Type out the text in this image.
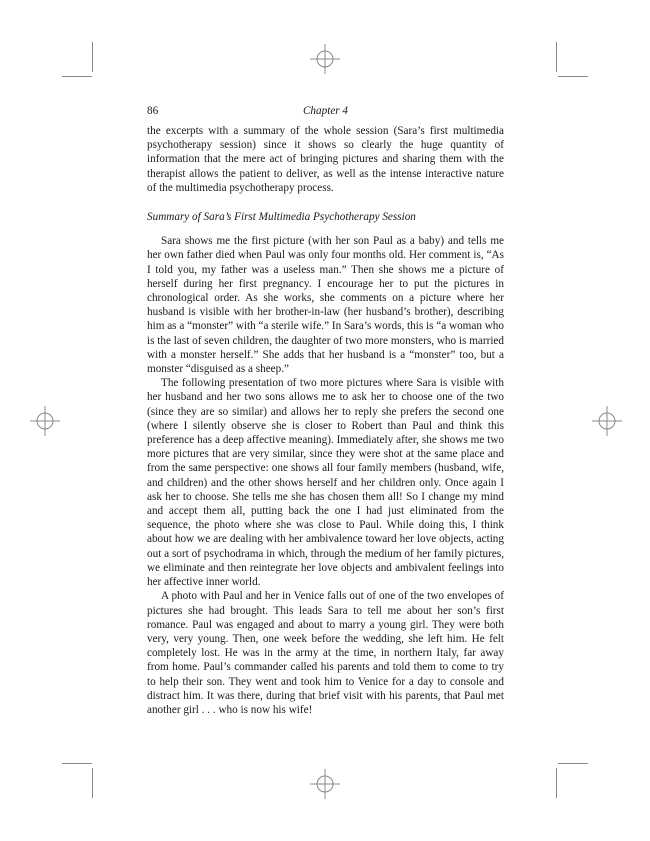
86	Chapter 4

the excerpts with a summary of the whole session (Sara’s first multimedia psychotherapy session) since it shows so clearly the huge quantity of information that the mere act of bringing pictures and sharing them with the therapist allows the patient to deliver, as well as the intense interactive nature of the multimedia psychotherapy process.

Summary of Sara’s First Multimedia Psychotherapy Session

Sara shows me the first picture (with her son Paul as a baby) and tells me her own father died when Paul was only four months old. Her comment is, “As I told you, my father was a useless man.” Then she shows me a picture of herself during her first pregnancy. I encourage her to put the pictures in chronological order. As she works, she comments on a picture where her husband is visible with her brother-in-law (her husband’s brother), describing him as a “monster” with “a sterile wife.” In Sara’s words, this is “a woman who is the last of seven children, the daughter of two more monsters, who is married with a monster herself.” She adds that her husband is a “monster” too, but a monster “disguised as a sheep.”

The following presentation of two more pictures where Sara is visible with her husband and her two sons allows me to ask her to choose one of the two (since they are so similar) and allows her to reply she prefers the second one (where I silently observe she is closer to Robert than Paul and think this preference has a deep affective meaning). Immediately after, she shows me two more pictures that are very similar, since they were shot at the same place and from the same perspective: one shows all four family members (husband, wife, and children) and the other shows herself and her children only. Once again I ask her to choose. She tells me she has chosen them all! So I change my mind and accept them all, putting back the one I had just eliminated from the sequence, the photo where she was close to Paul. While doing this, I think about how we are dealing with her ambivalence toward her love objects, acting out a sort of psychodrama in which, through the medium of her family pictures, we eliminate and then reintegrate her love objects and ambivalent feelings into her affective inner world.

A photo with Paul and her in Venice falls out of one of the two envelopes of pictures she had brought. This leads Sara to tell me about her son’s first romance. Paul was engaged and about to marry a young girl. They were both very, very young. Then, one week before the wedding, she left him. He felt completely lost. He was in the army at the time, in northern Italy, far away from home. Paul’s commander called his parents and told them to come to try to help their son. They went and took him to Venice for a day to console and distract him. It was there, during that brief visit with his parents, that Paul met another girl . . . who is now his wife!
